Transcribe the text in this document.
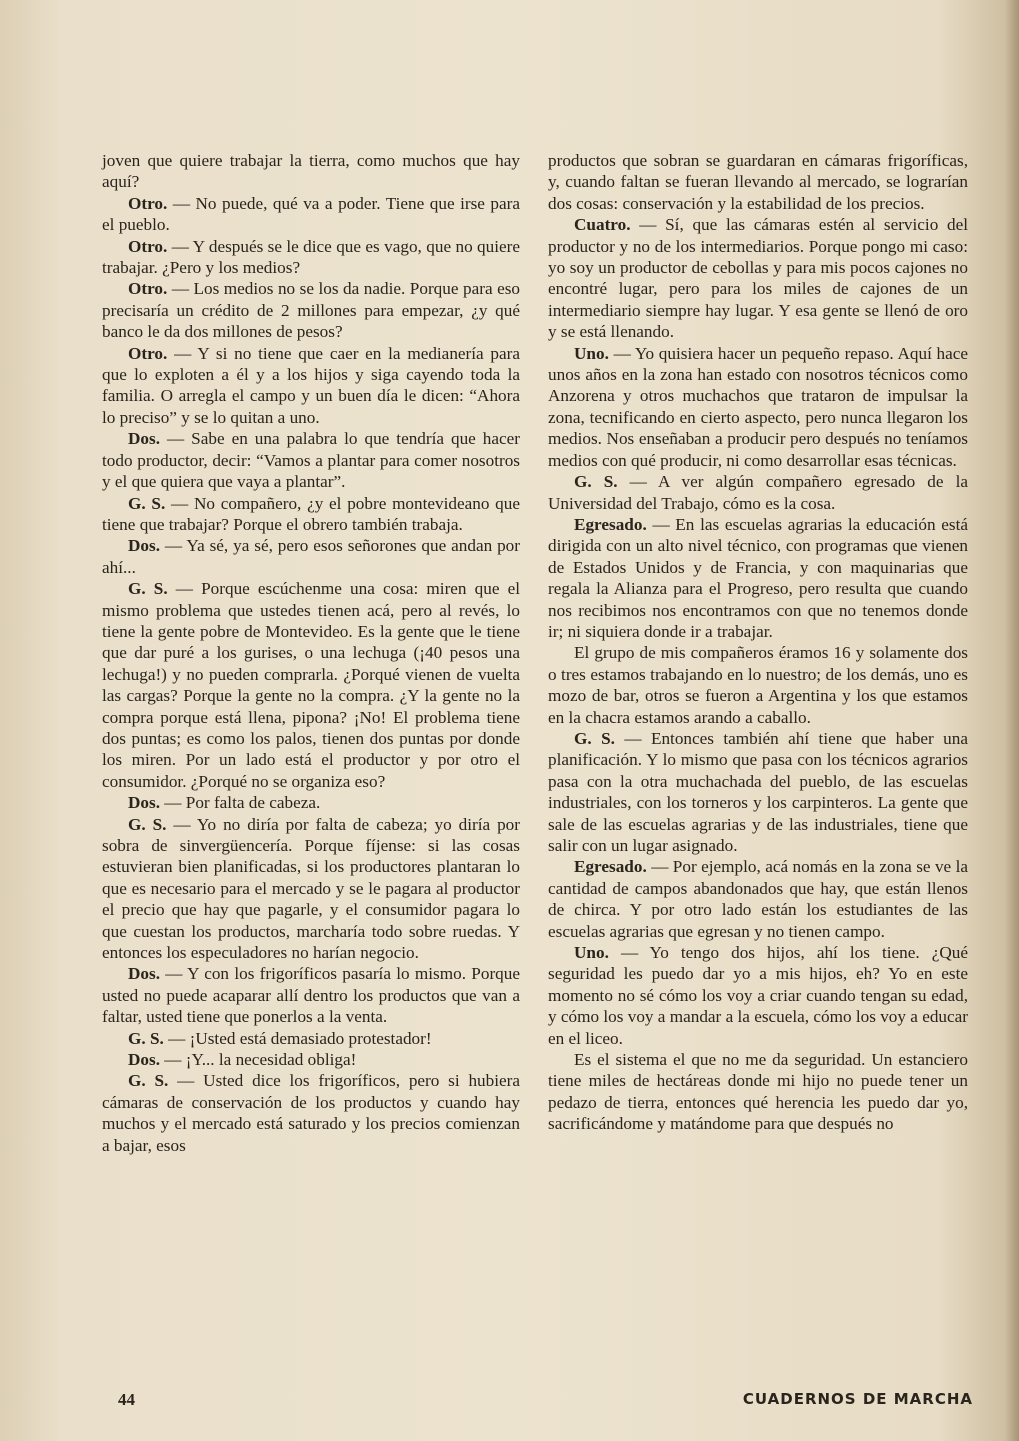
joven que quiere trabajar la tierra, como muchos que hay aquí?

Otro. — No puede, qué va a poder. Tiene que irse para el pueblo.

Otro. — Y después se le dice que es vago, que no quiere trabajar. ¿Pero y los medios?

Otro. — Los medios no se los da nadie. Porque para eso precisaría un crédito de 2 millones para empezar, ¿y qué banco le da dos millones de pesos?

Otro. — Y si no tiene que caer en la medianería para que lo exploten a él y a los hijos y siga cayendo toda la familia. O arregla el campo y un buen día le dicen: “Ahora lo preciso” y se lo quitan a uno.

Dos. — Sabe en una palabra lo que tendría que hacer todo productor, decir: “Vamos a plantar para comer nosotros y el que quiera que vaya a plantar”.

G. S. — No compañero, ¿y el pobre montevideano que tiene que trabajar? Porque el obrero también trabaja.

Dos. — Ya sé, ya sé, pero esos señorones que andan por ahí...

G. S. — Porque escúchenme una cosa: miren que el mismo problema que ustedes tienen acá, pero al revés, lo tiene la gente pobre de Montevideo. Es la gente que le tiene que dar puré a los gurises, o una lechuga (¡40 pesos una lechuga!) y no pueden comprarla. ¿Porqué vienen de vuelta las cargas? Porque la gente no la compra. ¿Y la gente no la compra porque está llena, pipona? ¡No! El problema tiene dos puntas; es como los palos, tienen dos puntas por donde los miren. Por un lado está el productor y por otro el consumidor. ¿Porqué no se organiza eso?

Dos. — Por falta de cabeza.

G. S. — Yo no diría por falta de cabeza; yo diría por sobra de sinvergüencería. Porque fíjense: si las cosas estuvieran bien planificadas, si los productores plantaran lo que es necesario para el mercado y se le pagara al productor el precio que hay que pagarle, y el consumidor pagara lo que cuestan los productos, marcharía todo sobre ruedas. Y entonces los especuladores no harían negocio.

Dos. — Y con los frigoríficos pasaría lo mismo. Porque usted no puede acaparar allí dentro los productos que van a faltar, usted tiene que ponerlos a la venta.

G. S. — ¡Usted está demasiado protestador!

Dos. — ¡Y... la necesidad obliga!

G. S. — Usted dice los frigoríficos, pero si hubiera cámaras de conservación de los productos y cuando hay muchos y el mercado está saturado y los precios comienzan a bajar, esos

productos que sobran se guardaran en cámaras frigoríficas, y, cuando faltan se fueran llevando al mercado, se lograrían dos cosas: conservación y la estabilidad de los precios.

Cuatro. — Sí, que las cámaras estén al servicio del productor y no de los intermediarios. Porque pongo mi caso: yo soy un productor de cebollas y para mis pocos cajones no encontré lugar, pero para los miles de cajones de un intermediario siempre hay lugar. Y esa gente se llenó de oro y se está llenando.

Uno. — Yo quisiera hacer un pequeño repaso. Aquí hace unos años en la zona han estado con nosotros técnicos como Anzorena y otros muchachos que trataron de impulsar la zona, tecnificando en cierto aspecto, pero nunca llegaron los medios. Nos enseñaban a producir pero después no teníamos medios con qué producir, ni como desarrollar esas técnicas.

G. S. — A ver algún compañero egresado de la Universidad del Trabajo, cómo es la cosa.

Egresado. — En las escuelas agrarias la educación está dirigida con un alto nivel técnico, con programas que vienen de Estados Unidos y de Francia, y con maquinarias que regala la Alianza para el Progreso, pero resulta que cuando nos recibimos nos encontramos con que no tenemos donde ir; ni siquiera donde ir a trabajar.

El grupo de mis compañeros éramos 16 y solamente dos o tres estamos trabajando en lo nuestro; de los demás, uno es mozo de bar, otros se fueron a Argentina y los que estamos en la chacra estamos arando a caballo.

G. S. — Entonces también ahí tiene que haber una planificación. Y lo mismo que pasa con los técnicos agrarios pasa con la otra muchachada del pueblo, de las escuelas industriales, con los torneros y los carpinteros. La gente que sale de las escuelas agrarias y de las industriales, tiene que salir con un lugar asignado.

Egresado. — Por ejemplo, acá nomás en la zona se ve la cantidad de campos abandonados que hay, que están llenos de chirca. Y por otro lado están los estudiantes de las escuelas agrarias que egresan y no tienen campo.

Uno. — Yo tengo dos hijos, ahí los tiene. ¿Qué seguridad les puedo dar yo a mis hijos, eh? Yo en este momento no sé cómo los voy a criar cuando tengan su edad, y cómo los voy a mandar a la escuela, cómo los voy a educar en el liceo.

Es el sistema el que no me da seguridad. Un estanciero tiene miles de hectáreas donde mi hijo no puede tener un pedazo de tierra, entonces qué herencia les puedo dar yo, sacrificándome y matándome para que después no

44	CUADERNOS DE MARCHA
